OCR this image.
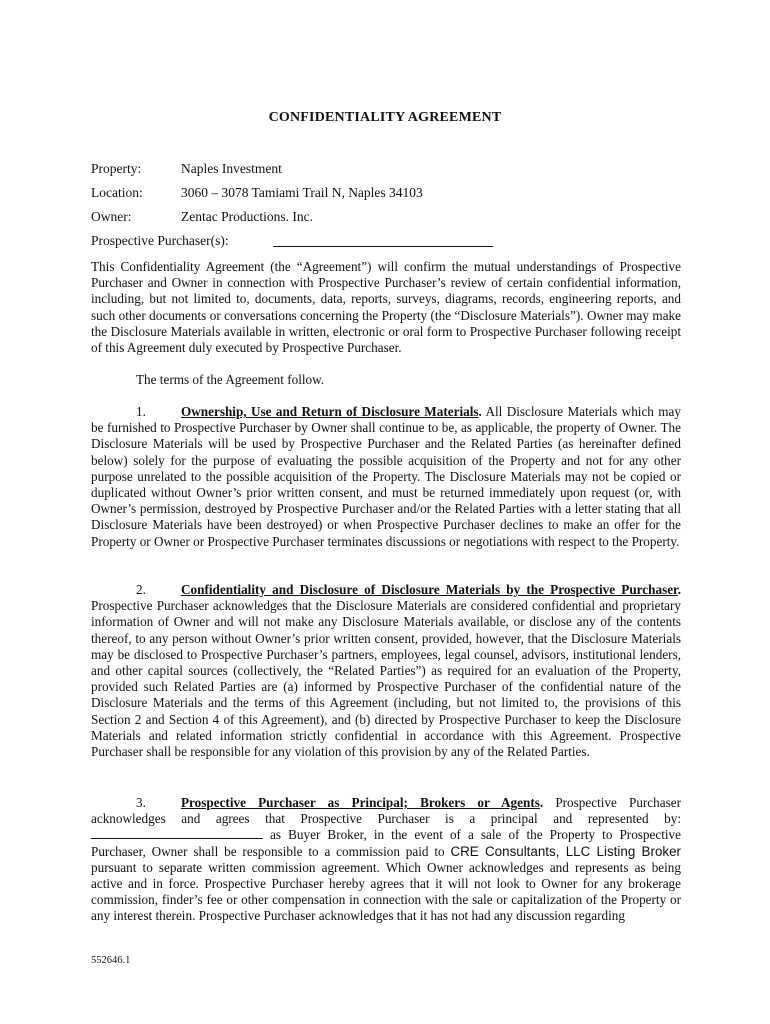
CONFIDENTIALITY AGREEMENT
Property:	Naples Investment
Location:	3060 – 3078 Tamiami Trail N, Naples 34103
Owner:	Zentac Productions. Inc.
Prospective Purchaser(s):

This Confidentiality Agreement (the “Agreement”) will confirm the mutual understandings of Prospective Purchaser and Owner in connection with Prospective Purchaser’s review of certain confidential information, including, but not limited to, documents, data, reports, surveys, diagrams, records, engineering reports, and such other documents or conversations concerning the Property (the “Disclosure Materials”). Owner may make the Disclosure Materials available in written, electronic or oral form to Prospective Purchaser following receipt of this Agreement duly executed by Prospective Purchaser.

The terms of the Agreement follow.

1.	Ownership, Use and Return of Disclosure Materials. All Disclosure Materials which may be furnished to Prospective Purchaser by Owner shall continue to be, as applicable, the property of Owner. The Disclosure Materials will be used by Prospective Purchaser and the Related Parties (as hereinafter defined below) solely for the purpose of evaluating the possible acquisition of the Property and not for any other purpose unrelated to the possible acquisition of the Property. The Disclosure Materials may not be copied or duplicated without Owner’s prior written consent, and must be returned immediately upon request (or, with Owner’s permission, destroyed by Prospective Purchaser and/or the Related Parties with a letter stating that all Disclosure Materials have been destroyed) or when Prospective Purchaser declines to make an offer for the Property or Owner or Prospective Purchaser terminates discussions or negotiations with respect to the Property.

2.	Confidentiality and Disclosure of Disclosure Materials by the Prospective Purchaser. Prospective Purchaser acknowledges that the Disclosure Materials are considered confidential and proprietary information of Owner and will not make any Disclosure Materials available, or disclose any of the contents thereof, to any person without Owner’s prior written consent, provided, however, that the Disclosure Materials may be disclosed to Prospective Purchaser’s partners, employees, legal counsel, advisors, institutional lenders, and other capital sources (collectively, the “Related Parties”) as required for an evaluation of the Property, provided such Related Parties are (a) informed by Prospective Purchaser of the confidential nature of the Disclosure Materials and the terms of this Agreement (including, but not limited to, the provisions of this Section 2 and Section 4 of this Agreement), and (b) directed by Prospective Purchaser to keep the Disclosure Materials and related information strictly confidential in accordance with this Agreement. Prospective Purchaser shall be responsible for any violation of this provision by any of the Related Parties.

3.	Prospective Purchaser as Principal; Brokers or Agents. Prospective Purchaser acknowledges and agrees that Prospective Purchaser is a principal and represented by:  as Buyer Broker, in the event of a sale of the Property to Prospective Purchaser, Owner shall be responsible to a commission paid to CRE Consultants, LLC Listing Broker pursuant to separate written commission agreement. Which Owner acknowledges and represents as being active and in force. Prospective Purchaser hereby agrees that it will not look to Owner for any brokerage commission, finder’s fee or other compensation in connection with the sale or capitalization of the Property or any interest therein. Prospective Purchaser acknowledges that it has not had any discussion regarding

552646.1
